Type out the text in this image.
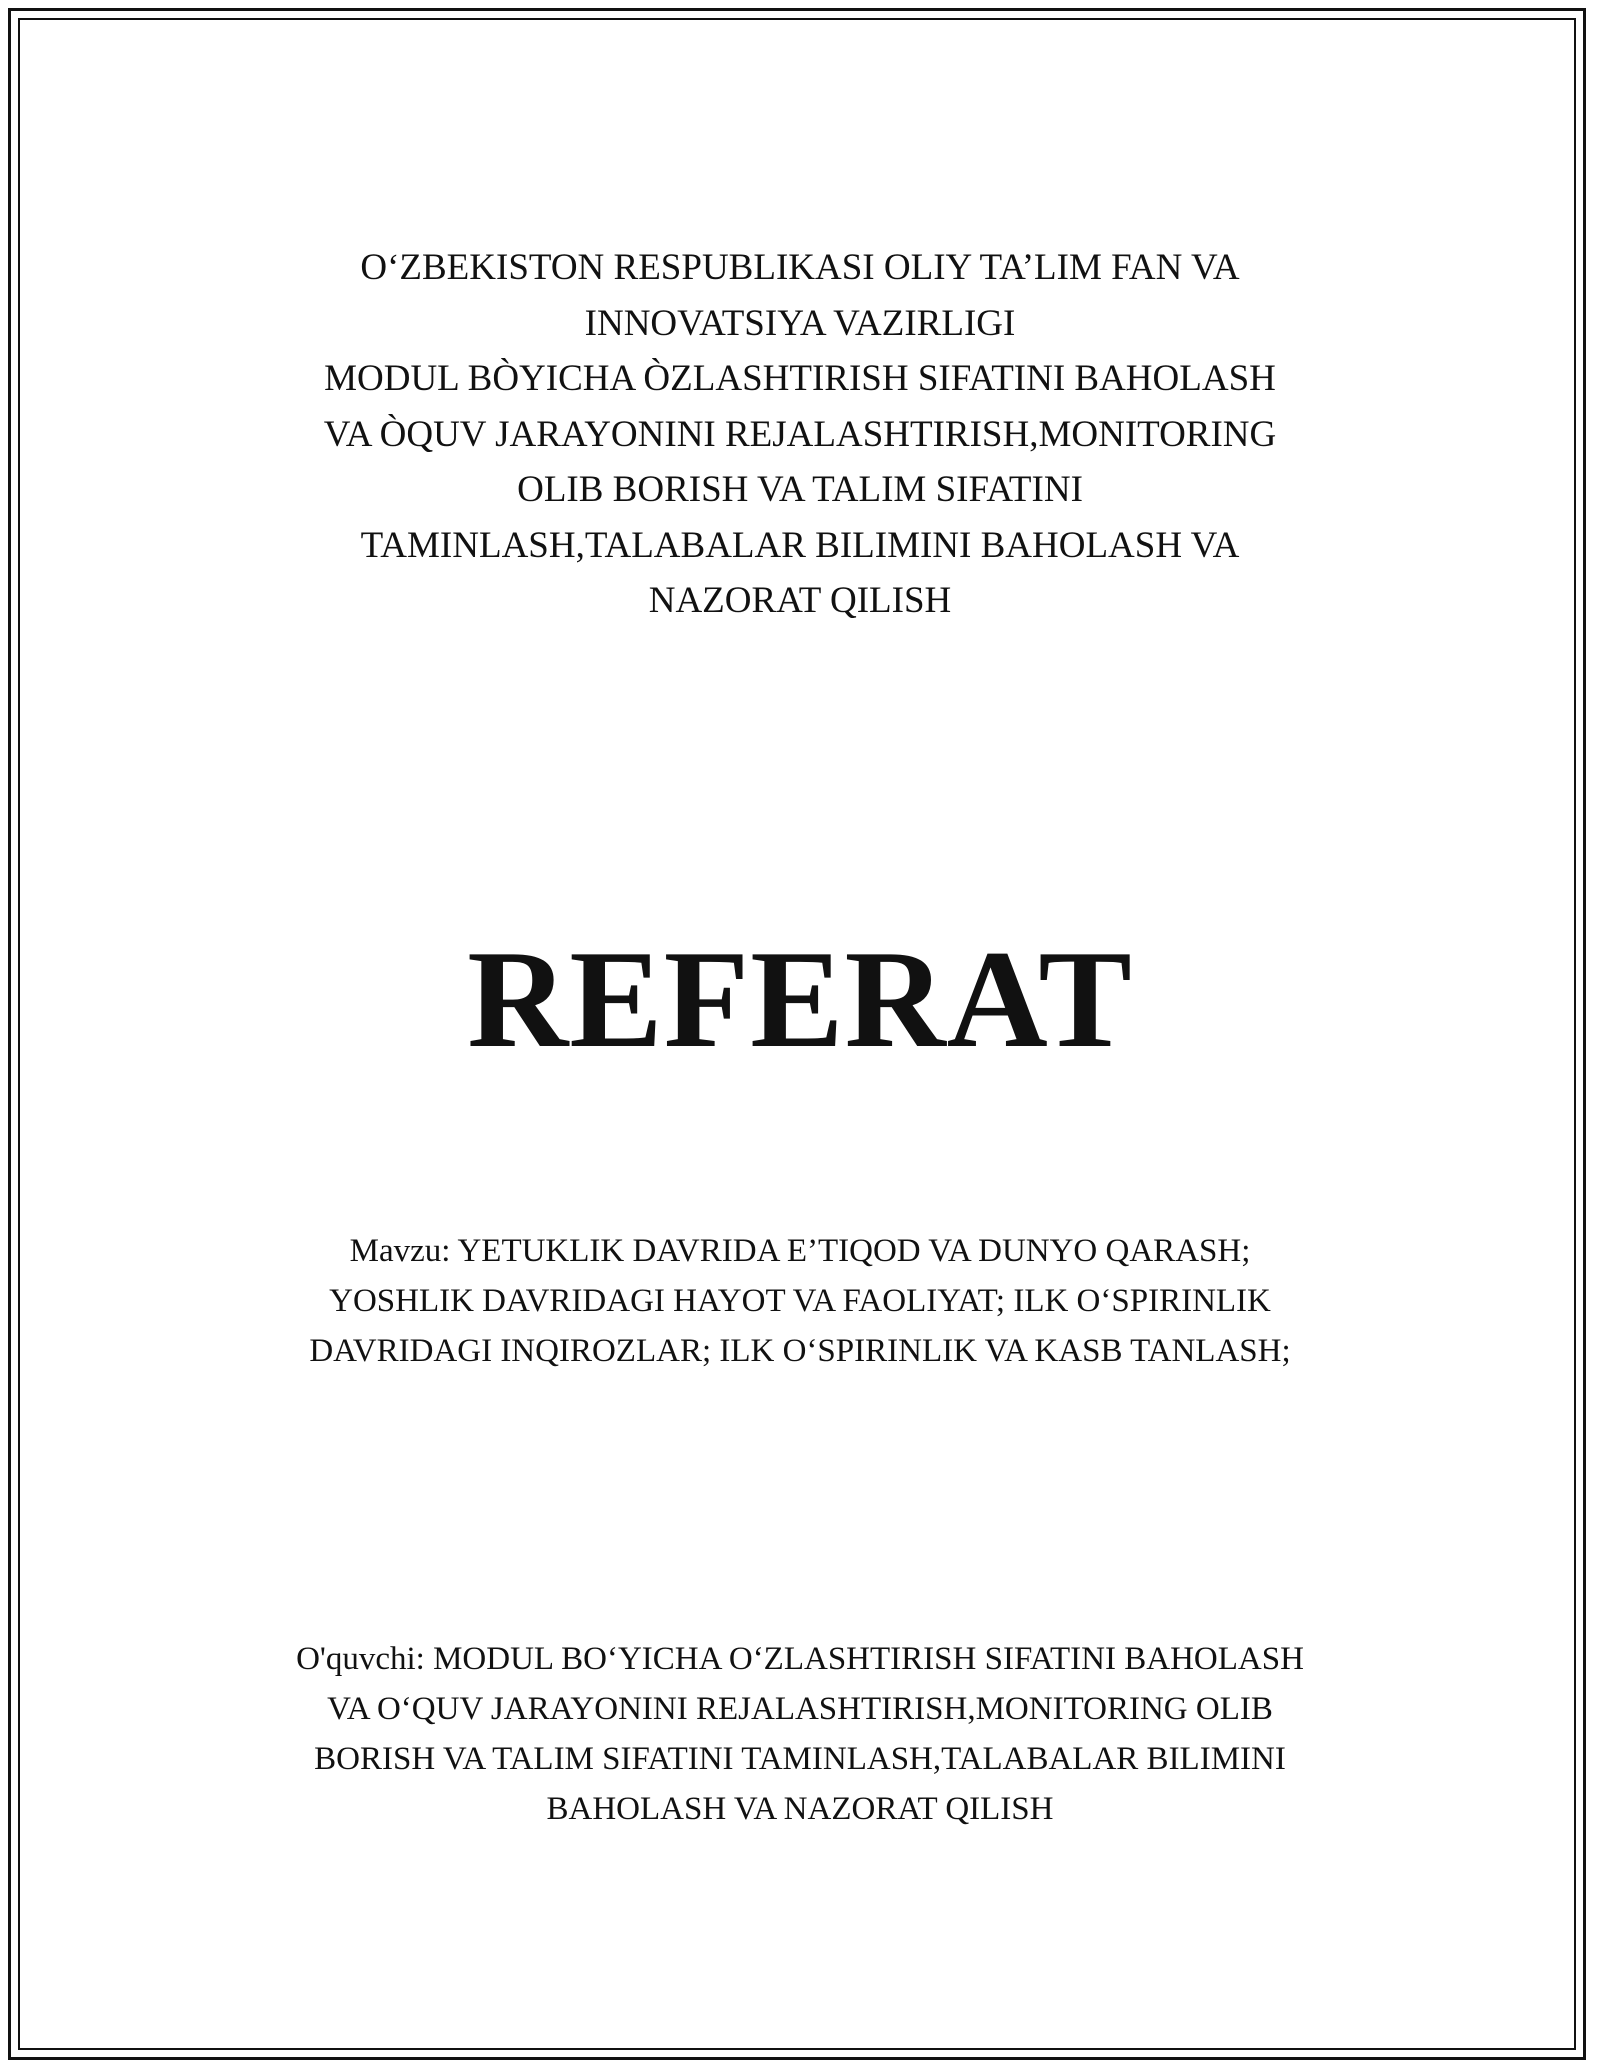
O‘ZBEKISTON RESPUBLIKASI OLIY TA’LIM FAN VA
INNOVATSIYA VAZIRLIGI
MODUL BÒYICHA ÒZLASHTIRISH SIFATINI BAHOLASH
VA ÒQUV JARAYONINI REJALASHTIRISH,MONITORING
OLIB BORISH VA TALIM SIFATINI
TAMINLASH,TALABALAR BILIMINI BAHOLASH VA
NAZORAT QILISH
REFERAT
Mavzu: YETUKLIK DAVRIDA E’TIQOD VA DUNYO QARASH;
YOSHLIK DAVRIDAGI HAYOT VA FAOLIYAT; ILK O‘SPIRINLIK
DAVRIDAGI INQIROZLAR; ILK O‘SPIRINLIK VA KASB TANLASH;
O'quvchi: MODUL BO‘YICHA O‘ZLASHTIRISH SIFATINI BAHOLASH
VA O‘QUV JARAYONINI REJALASHTIRISH,MONITORING OLIB
BORISH VA TALIM SIFATINI TAMINLASH,TALABALAR BILIMINI
BAHOLASH VA NAZORAT QILISH
